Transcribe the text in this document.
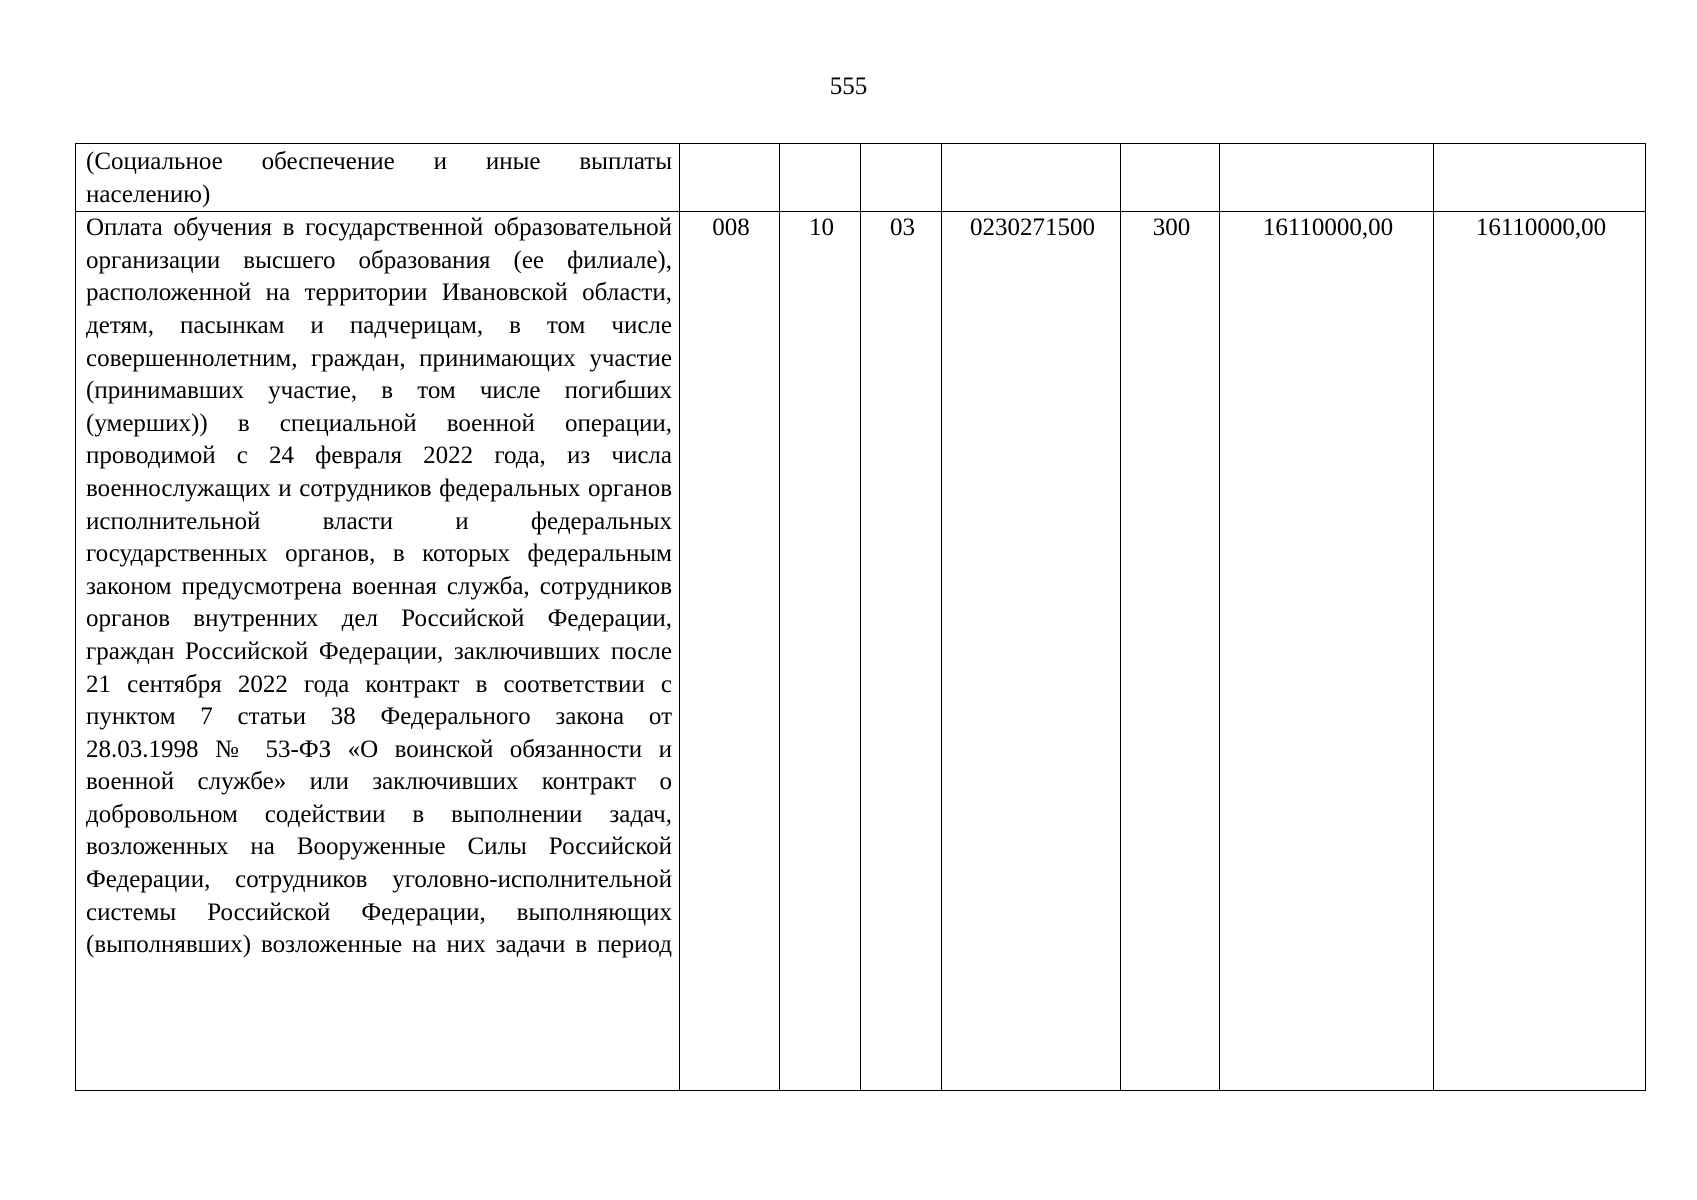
555
(Социальное обеспечение и иные выплаты населению)							
Оплата обучения в государственной образовательной организации высшего образования (ее филиале), расположенной на территории Ивановской области, детям, пасынкам и падчерицам, в том числе совершеннолетним, граждан, принимающих участие (принимавших участие, в том числе погибших (умерших)) в специальной военной операции, проводимой с 24 февраля 2022 года, из числа военнослужащих и сотрудников федеральных органов исполнительной власти и федеральных государственных органов, в которых федеральным законом предусмотрена военная служба, сотрудников органов внутренних дел Российской Федерации, граждан Российской Федерации, заключивших после 21 сентября 2022 года контракт в соответствии с пунктом 7 статьи 38 Федерального закона от 28.03.1998 № 53-ФЗ «О воинской обязанности и военной службе» или заключивших контракт о добровольном содействии в выполнении задач, возложенных на Вооруженные Силы Российской Федерации, сотрудников уголовно-исполнительной системы Российской Федерации, выполняющих (выполнявших) возложенные на них задачи в период	008	10	03	0230271500	300	16110000,00	16110000,00
